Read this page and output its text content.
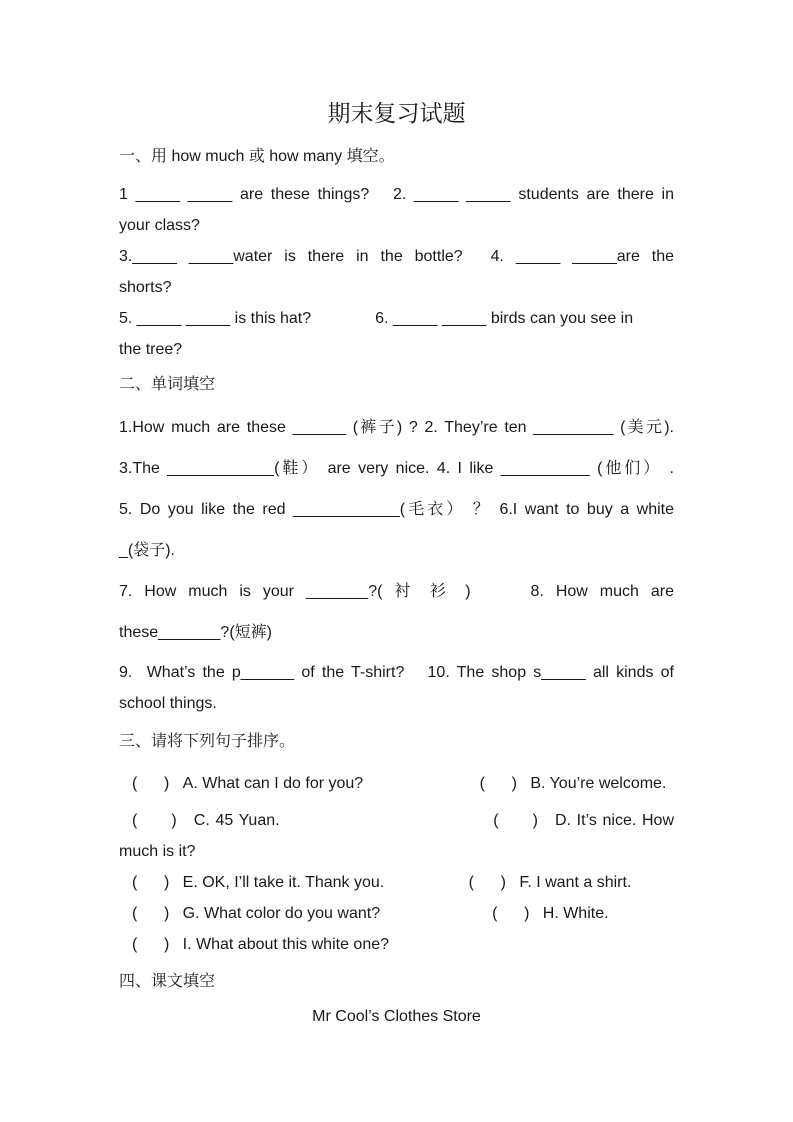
期末复习试题

一、用 how much 或 how many 填空。

1 _____ _____ are these things?  2. _____ _____ students are there in

your class?

3._____ _____water is there in the bottle?  4. _____ _____are the

shorts?

5. _____ _____ is this hat?    6. _____ _____ birds can you see in

the tree?

二、单词填空

1.How much are these ______ (裤子) ? 2. They’re ten _________ (美元).

3.The ____________(鞋） are very nice. 4. I like __________ (他们） .

5. Do you like the red ____________(毛衣） ？ 6.I want to buy a white

_(袋子).

7. How much is your _______?( 衬 衫 )    8. How much are

these_______?(短裤)

9.  What’s the p______ of the T-shirt?  10. The shop s_____ all kinds of

school things.

三、请将下列句子排序。

(      )   A. What can I do for you?        (      )   B. You’re welcome.

(      )   C. 45 Yuan.              (      )   D. It’s nice. How much is it?

(      )   E. OK, I’ll take it. Thank you.      (      )   F. I want a shirt.

(      )   G. What color do you want?       (      )   H. White.

(      )   I. What about this white one?

四、课文填空

Mr Cool’s Clothes Store
